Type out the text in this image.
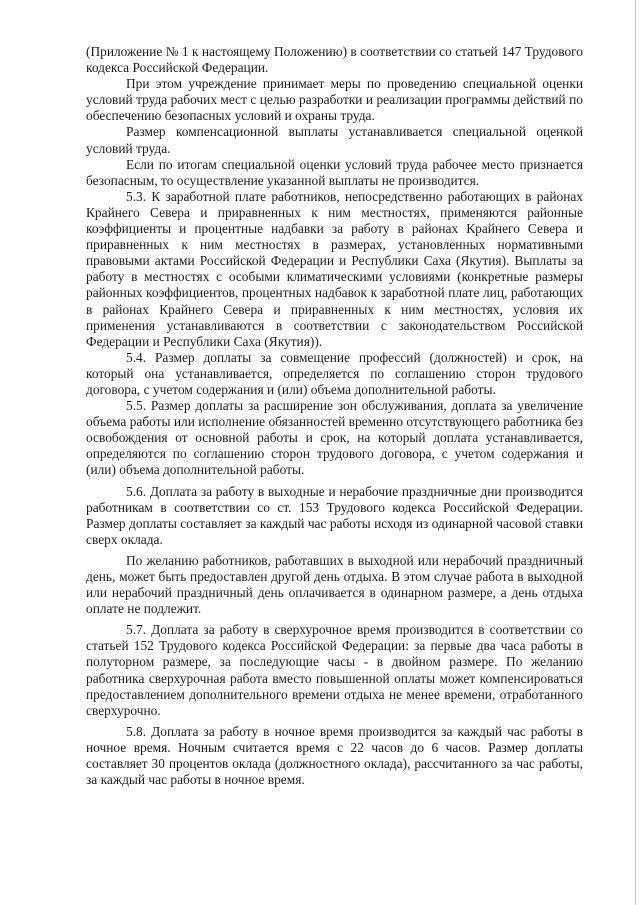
(Приложение № 1 к настоящему Положению) в соответствии со статьей 147 Трудового кодекса Российской Федерации.

При этом учреждение принимает меры по проведению специальной оценки условий труда рабочих мест с целью разработки и реализации программы действий по обеспечению безопасных условий и охраны труда.

Размер компенсационной выплаты устанавливается специальной оценкой условий труда.

Если по итогам специальной оценки условий труда рабочее место признается безопасным, то осуществление указанной выплаты не производится.

5.3. К заработной плате работников, непосредственно работающих в районах Крайнего Севера и приравненных к ним местностях, применяются районные коэффициенты и процентные надбавки за работу в районах Крайнего Севера и приравненных к ним местностях в размерах, установленных нормативными правовыми актами Российской Федерации и Республики Саха (Якутия). Выплаты за работу в местностях с особыми климатическими условиями (конкретные размеры районных коэффициентов, процентных надбавок к заработной плате лиц, работающих в районах Крайнего Севера и приравненных к ним местностях, условия их применения устанавливаются в соответствии с законодательством Российской Федерации и Республики Саха (Якутия)).

5.4. Размер доплаты за совмещение профессий (должностей) и срок, на который она устанавливается, определяется по соглашению сторон трудового договора, с учетом содержания и (или) объема дополнительной работы.

5.5. Размер доплаты за расширение зон обслуживания, доплата за увеличение объема работы или исполнение обязанностей временно отсутствующего работника без освобождения от основной работы и срок, на который доплата устанавливается, определяются по соглашению сторон трудового договора, с учетом содержания и (или) объема дополнительной работы.

5.6. Доплата за работу в выходные и нерабочие праздничные дни производится работникам в соответствии со ст. 153 Трудового кодекса Российской Федерации. Размер доплаты составляет за каждый час работы исходя из одинарной часовой ставки сверх оклада.

По желанию работников, работавших в выходной или нерабочий праздничный день, может быть предоставлен другой день отдыха. В этом случае работа в выходной или нерабочий праздничный день оплачивается в одинарном размере, а день отдыха оплате не подлежит.

5.7. Доплата за работу в сверхурочное время производится в соответствии со статьей 152 Трудового кодекса Российской Федерации: за первые два часа работы в полуторном размере, за последующие часы - в двойном размере. По желанию работника сверхурочная работа вместо повышенной оплаты может компенсироваться предоставлением дополнительного времени отдыха не менее времени, отработанного сверхурочно.

5.8. Доплата за работу в ночное время производится за каждый час работы в ночное время. Ночным считается время с 22 часов до 6 часов. Размер доплаты составляет 30 процентов оклада (должностного оклада), рассчитанного за час работы, за каждый час работы в ночное время.
